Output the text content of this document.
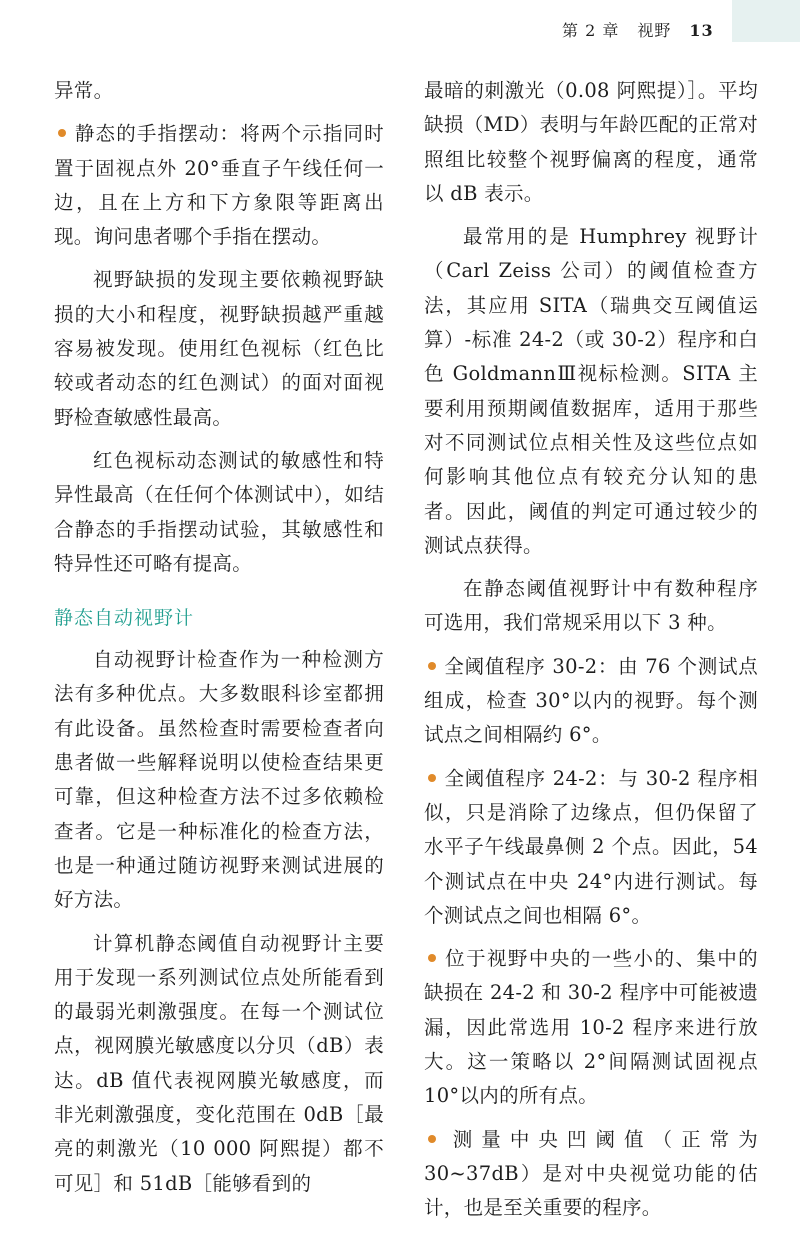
第 2 章 视野 13

异常。

静态的手指摆动：将两个示指同时置于固视点外 20°垂直子午线任何一边，且在上方和下方象限等距离出现。询问患者哪个手指在摆动。

视野缺损的发现主要依赖视野缺损的大小和程度，视野缺损越严重越容易被发现。使用红色视标（红色比较或者动态的红色测试）的面对面视野检查敏感性最高。

红色视标动态测试的敏感性和特异性最高（在任何个体测试中），如结合静态的手指摆动试验，其敏感性和特异性还可略有提高。

静态自动视野计

自动视野计检查作为一种检测方法有多种优点。大多数眼科诊室都拥有此设备。虽然检查时需要检查者向患者做一些解释说明以使检查结果更可靠，但这种检查方法不过多依赖检查者。它是一种标准化的检查方法，也是一种通过随访视野来测试进展的好方法。

计算机静态阈值自动视野计主要用于发现一系列测试位点处所能看到的最弱光刺激强度。在每一个测试位点，视网膜光敏感度以分贝（dB）表达。dB 值代表视网膜光敏感度，而非光刺激强度，变化范围在 0dB［最亮的刺激光（10 000 阿熙提）都不可见］和 51dB［能够看到的

最暗的刺激光（0.08 阿熙提）］。平均缺损（MD）表明与年龄匹配的正常对照组比较整个视野偏离的程度，通常以 dB 表示。

最常用的是 Humphrey 视野计（Carl Zeiss 公司）的阈值检查方法，其应用 SITA（瑞典交互阈值运算）-标准 24-2（或 30-2）程序和白色 GoldmannⅢ视标检测。SITA 主要利用预期阈值数据库，适用于那些对不同测试位点相关性及这些位点如何影响其他位点有较充分认知的患者。因此，阈值的判定可通过较少的测试点获得。

在静态阈值视野计中有数种程序可选用，我们常规采用以下 3 种。

全阈值程序 30-2：由 76 个测试点组成，检查 30°以内的视野。每个测试点之间相隔约 6°。

全阈值程序 24-2：与 30-2 程序相似，只是消除了边缘点，但仍保留了水平子午线最鼻侧 2 个点。因此，54 个测试点在中央 24°内进行测试。每个测试点之间也相隔 6°。

位于视野中央的一些小的、集中的缺损在 24-2 和 30-2 程序中可能被遗漏，因此常选用 10-2 程序来进行放大。这一策略以 2°间隔测试固视点 10°以内的所有点。

测量中央凹阈值（正常为 30~37dB）是对中央视觉功能的估计，也是至关重要的程序。
